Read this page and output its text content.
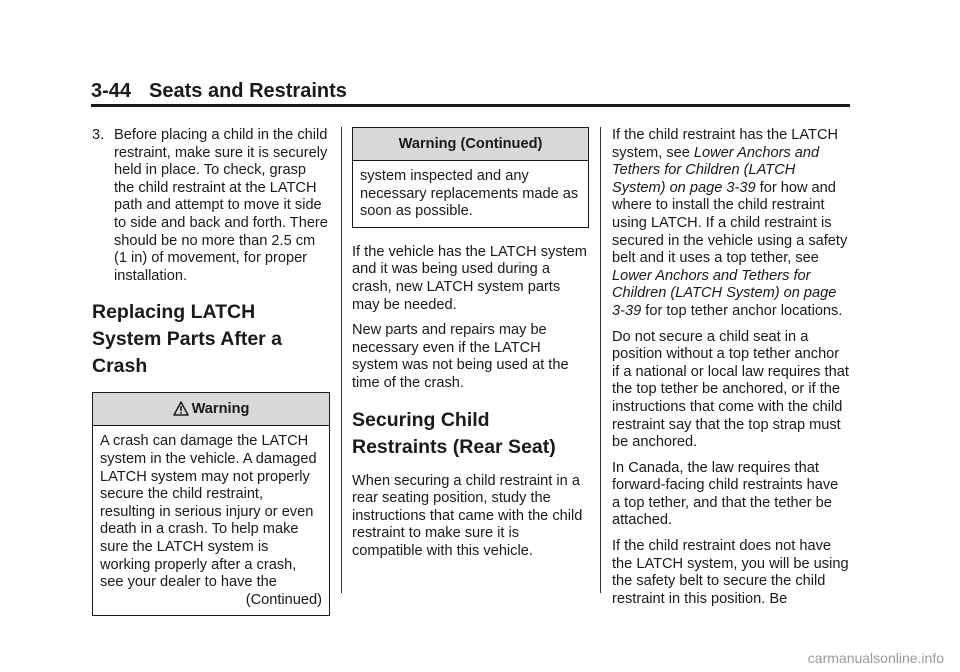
3-44 Seats and Restraints
3. Before placing a child in the child restraint, make sure it is securely held in place. To check, grasp the child restraint at the LATCH path and attempt to move it side to side and back and forth. There should be no more than 2.5 cm (1 in) of movement, for proper installation.
Replacing LATCH System Parts After a Crash
Warning
A crash can damage the LATCH system in the vehicle. A damaged LATCH system may not properly secure the child restraint, resulting in serious injury or even death in a crash. To help make sure the LATCH system is working properly after a crash, see your dealer to have the
(Continued)
Warning (Continued)
system inspected and any necessary replacements made as soon as possible.

If the vehicle has the LATCH system and it was being used during a crash, new LATCH system parts may be needed.

New parts and repairs may be necessary even if the LATCH system was not being used at the time of the crash.

Securing Child Restraints (Rear Seat)

When securing a child restraint in a rear seating position, study the instructions that came with the child restraint to make sure it is compatible with this vehicle.

If the child restraint has the LATCH system, see Lower Anchors and Tethers for Children (LATCH System) on page 3-39 for how and where to install the child restraint using LATCH. If a child restraint is secured in the vehicle using a safety belt and it uses a top tether, see Lower Anchors and Tethers for Children (LATCH System) on page 3-39 for top tether anchor locations.

Do not secure a child seat in a position without a top tether anchor if a national or local law requires that the top tether be anchored, or if the instructions that come with the child restraint say that the top strap must be anchored.

In Canada, the law requires that forward-facing child restraints have a top tether, and that the tether be attached.

If the child restraint does not have the LATCH system, you will be using the safety belt to secure the child restraint in this position. Be

carmanualsonline.info
